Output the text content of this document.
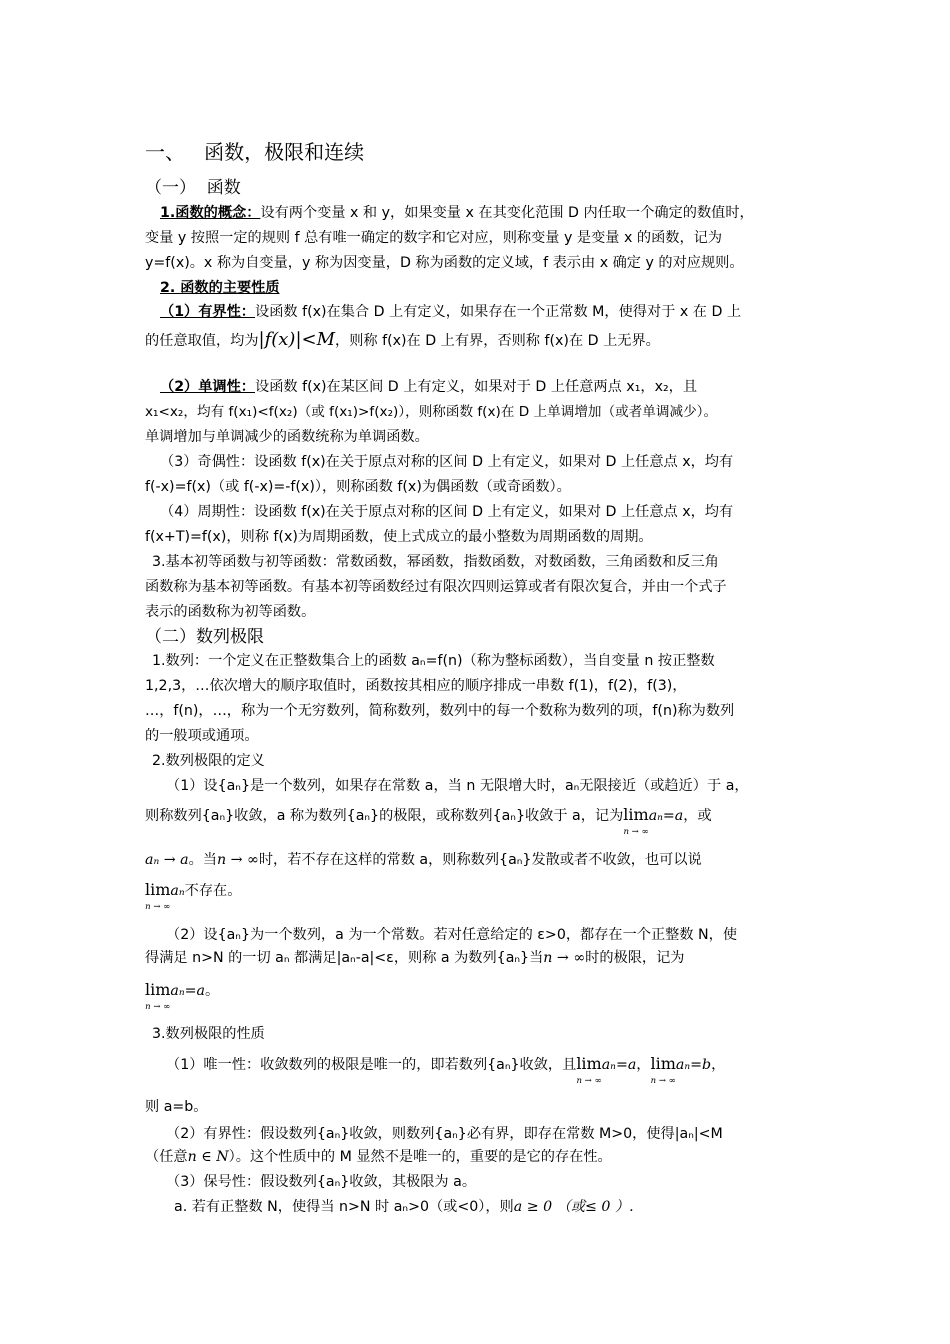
一、   函数，极限和连续
（一）  函数
1.函数的概念：设有两个变量 x 和 y，如果变量 x 在其变化范围 D 内任取一个确定的数值时，
变量 y 按照一定的规则 f 总有唯一确定的数字和它对应，则称变量 y 是变量 x 的函数，记为
y=f(x)。x 称为自变量，y 称为因变量，D 称为函数的定义域，f 表示由 x 确定 y 的对应规则。
2. 函数的主要性质
（1）有界性：设函数 f(x)在集合 D 上有定义，如果存在一个正常数 M，使得对于 x 在 D 上
的任意取值，均为|f(x)|<M，则称 f(x)在 D 上有界，否则称 f(x)在 D 上无界。
（2）单调性：设函数 f(x)在某区间 D 上有定义，如果对于 D 上任意两点 x₁，x₂，且
x₁<x₂，均有 f(x₁)<f(x₂)（或 f(x₁)>f(x₂)），则称函数 f(x)在 D 上单调增加（或者单调减少）。
单调增加与单调减少的函数统称为单调函数。
（3）奇偶性：设函数 f(x)在关于原点对称的区间 D 上有定义，如果对 D 上任意点 x，均有
f(-x)=f(x)（或 f(-x)=-f(x)），则称函数 f(x)为偶函数（或奇函数）。
（4）周期性：设函数 f(x)在关于原点对称的区间 D 上有定义，如果对 D 上任意点 x，均有
f(x+T)=f(x)，则称 f(x)为周期函数，使上式成立的最小整数为周期函数的周期。
3.基本初等函数与初等函数：常数函数，幂函数，指数函数，对数函数，三角函数和反三角
函数称为基本初等函数。有基本初等函数经过有限次四则运算或者有限次复合，并由一个式子
表示的函数称为初等函数。
（二）数列极限
1.数列：一个定义在正整数集合上的函数 aₙ=f(n)（称为整标函数），当自变量 n 按正整数
1,2,3，…依次增大的顺序取值时，函数按其相应的顺序排成一串数 f(1)，f(2)，f(3)，
…，f(n)，…，称为一个无穷数列，简称数列，数列中的每一个数称为数列的项，f(n)称为数列
的一般项或通项。
2.数列极限的定义
（1）设{aₙ}是一个数列，如果存在常数 a，当 n 无限增大时，aₙ无限接近（或趋近）于 a，
则称数列{aₙ}收敛，a 称为数列{aₙ}的极限，或称数列{aₙ}收敛于 a，记为lim
n → ∞
aₙ=a，或
aₙ → a。当n → ∞时，若不存在这样的常数 a，则称数列{aₙ}发散或者不收敛，也可以说
lim
n → ∞
aₙ不存在。
（2）设{aₙ}为一个数列，a 为一个常数。若对任意给定的 ε>0，都存在一个正整数 N，使
得满足 n>N 的一切 aₙ 都满足|aₙ-a|<ε，则称 a 为数列{aₙ}当n → ∞时的极限，记为
lim
n → ∞
aₙ=a。
3.数列极限的性质
（1）唯一性：收敛数列的极限是唯一的，即若数列{aₙ}收敛，且lim
n → ∞
aₙ=a，lim
n → ∞
aₙ=b，
则 a=b。
（2）有界性：假设数列{aₙ}收敛，则数列{aₙ}必有界，即存在常数 M>0，使得|aₙ|<M
（任意n ∈ N）。这个性质中的 M 显然不是唯一的，重要的是它的存在性。
（3）保号性：假设数列{aₙ}收敛，其极限为 a。
a. 若有正整数 N，使得当 n>N 时 aₙ>0（或<0），则a ≥ 0 （或≤ 0 ）.
